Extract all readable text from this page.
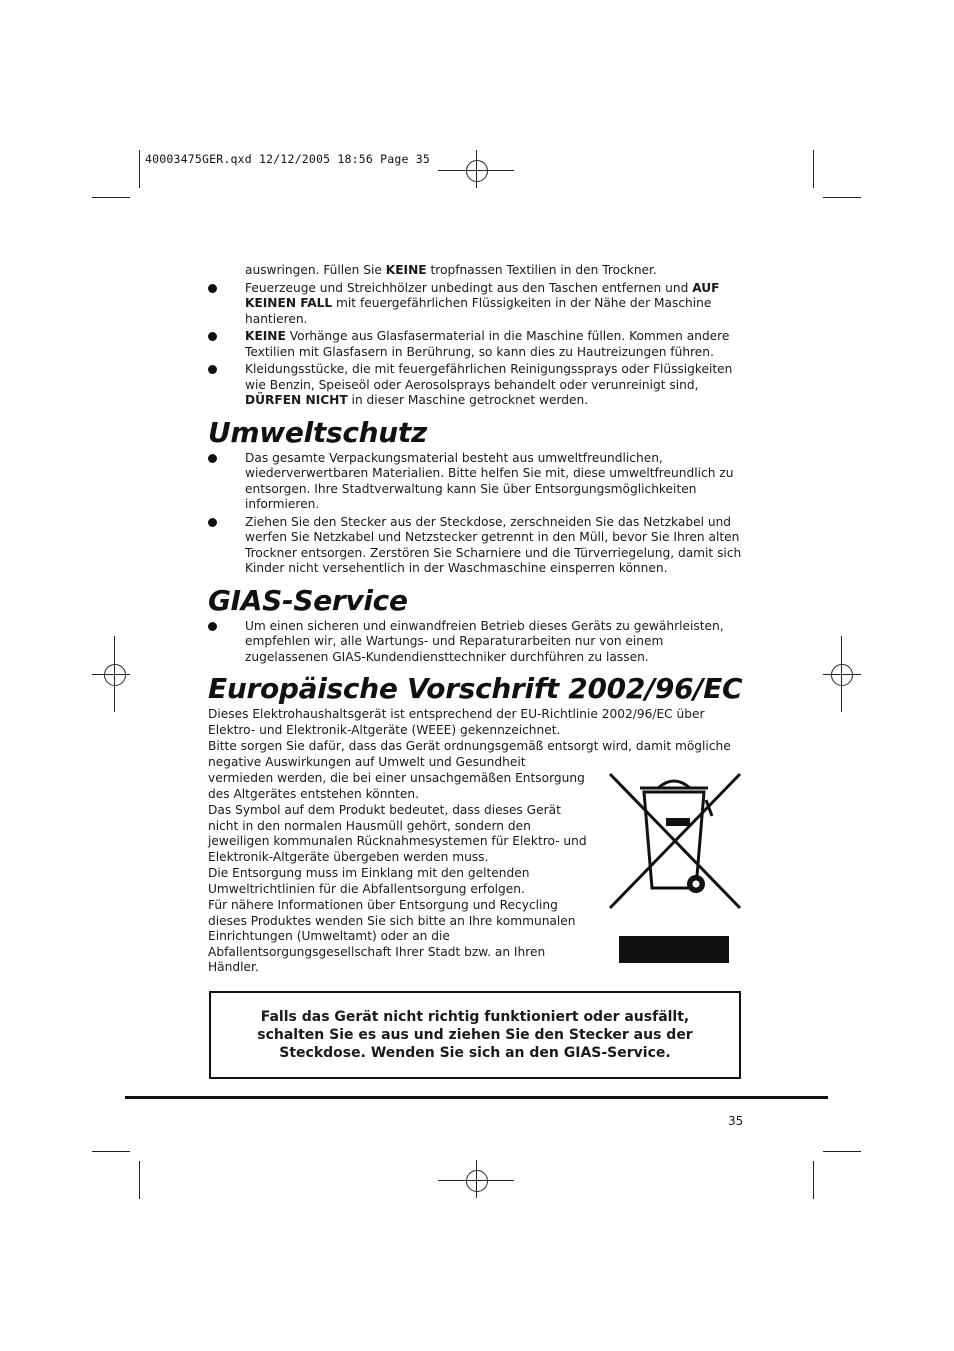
40003475GER.qxd 12/12/2005 18:56 Page 35

auswringen. Füllen Sie KEINE tropfnassen Textilien in den Trockner.

Feuerzeuge und Streichhölzer unbedingt aus den Taschen entfernen und AUF KEINEN FALL mit feuergefährlichen Flüssigkeiten in der Nähe der Maschine hantieren.

KEINE Vorhänge aus Glasfasermaterial in die Maschine füllen. Kommen andere Textilien mit Glasfasern in Berührung, so kann dies zu Hautreizungen führen.

Kleidungsstücke, die mit feuergefährlichen Reinigungssprays oder Flüssigkeiten wie Benzin, Speiseöl oder Aerosolsprays behandelt oder verunreinigt sind, DÜRFEN NICHT in dieser Maschine getrocknet werden.

Umweltschutz

Das gesamte Verpackungsmaterial besteht aus umweltfreundlichen, wiederverwertbaren Materialien. Bitte helfen Sie mit, diese umweltfreundlich zu entsorgen. Ihre Stadtverwaltung kann Sie über Entsorgungsmöglichkeiten informieren.

Ziehen Sie den Stecker aus der Steckdose, zerschneiden Sie das Netzkabel und werfen Sie Netzkabel und Netzstecker getrennt in den Müll, bevor Sie Ihren alten Trockner entsorgen. Zerstören Sie Scharniere und die Türverriegelung, damit sich Kinder nicht versehentlich in der Waschmaschine einsperren können.

GIAS-Service

Um einen sicheren und einwandfreien Betrieb dieses Geräts zu gewährleisten, empfehlen wir, alle Wartungs- und Reparaturarbeiten nur von einem zugelassenen GIAS-Kundendiensttechniker durchführen zu lassen.

Europäische Vorschrift 2002/96/EC

Dieses Elektrohaushaltsgerät ist entsprechend der EU-Richtlinie 2002/96/EC über Elektro- und Elektronik-Altgeräte (WEEE) gekennzeichnet.

Bitte sorgen Sie dafür, dass das Gerät ordnungsgemäß entsorgt wird, damit mögliche negative Auswirkungen auf Umwelt und Gesundheit

vermieden werden, die bei einer unsachgemäßen Entsorgung des Altgerätes entstehen könnten.

Das Symbol auf dem Produkt bedeutet, dass dieses Gerät nicht in den normalen Hausmüll gehört, sondern den jeweiligen kommunalen Rücknahmesystemen für Elektro- und Elektronik-Altgeräte übergeben werden muss.

Die Entsorgung muss im Einklang mit den geltenden Umweltrichtlinien für die Abfallentsorgung erfolgen.

Für nähere Informationen über Entsorgung und Recycling dieses Produktes wenden Sie sich bitte an Ihre kommunalen Einrichtungen (Umweltamt) oder an die Abfallentsorgungsgesellschaft Ihrer Stadt bzw. an Ihren Händler.

Falls das Gerät nicht richtig funktioniert oder ausfällt, schalten Sie es aus und ziehen Sie den Stecker aus der Steckdose. Wenden Sie sich an den GIAS-Service.
35
